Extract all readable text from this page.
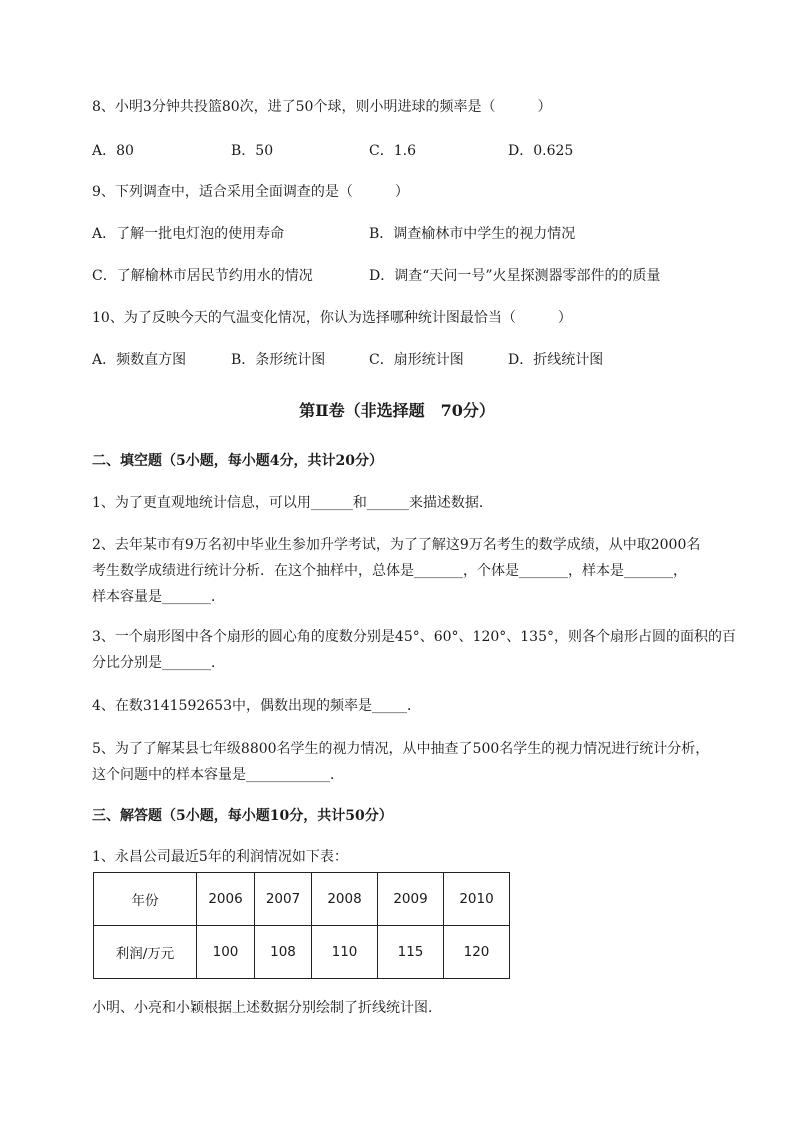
8、小明3分钟共投篮80次，进了50个球，则小明进球的频率是（　　　）
A．80	B．50	C．1.6	D．0.625
9、下列调查中，适合采用全面调查的是（　　　）
A．了解一批电灯泡的使用寿命	B．调查榆林市中学生的视力情况
C．了解榆林市居民节约用水的情况	D．调查“天问一号”火星探测器零部件的的质量
10、为了反映今天的气温变化情况，你认为选择哪种统计图最恰当（　　　）
A．频数直方图	B．条形统计图	C．扇形统计图	D．折线统计图
第Ⅱ卷（非选择题　70分）
二、填空题（5小题，每小题4分，共计20分）
1、为了更直观地统计信息，可以用______和______来描述数据．
2、去年某市有9万名初中毕业生参加升学考试，为了了解这9万名考生的数学成绩，从中取2000名
考生数学成绩进行统计分析．在这个抽样中，总体是_______，个体是_______，样本是_______，
样本容量是_______．
3、一个扇形图中各个扇形的圆心角的度数分别是45°、60°、120°、135°，则各个扇形占圆的面积的百
分比分别是_______．
4、在数3141592653中，偶数出现的频率是_____．
5、为了了解某县七年级8800名学生的视力情况，从中抽查了500名学生的视力情况进行统计分析，
这个问题中的样本容量是____________．
三、解答题（5小题，每小题10分，共计50分）
1、永昌公司最近5年的利润情况如下表：
年份	2006	2007	2008	2009	2010
利润/万元	100	108	110	115	120
小明、小亮和小颖根据上述数据分别绘制了折线统计图．
